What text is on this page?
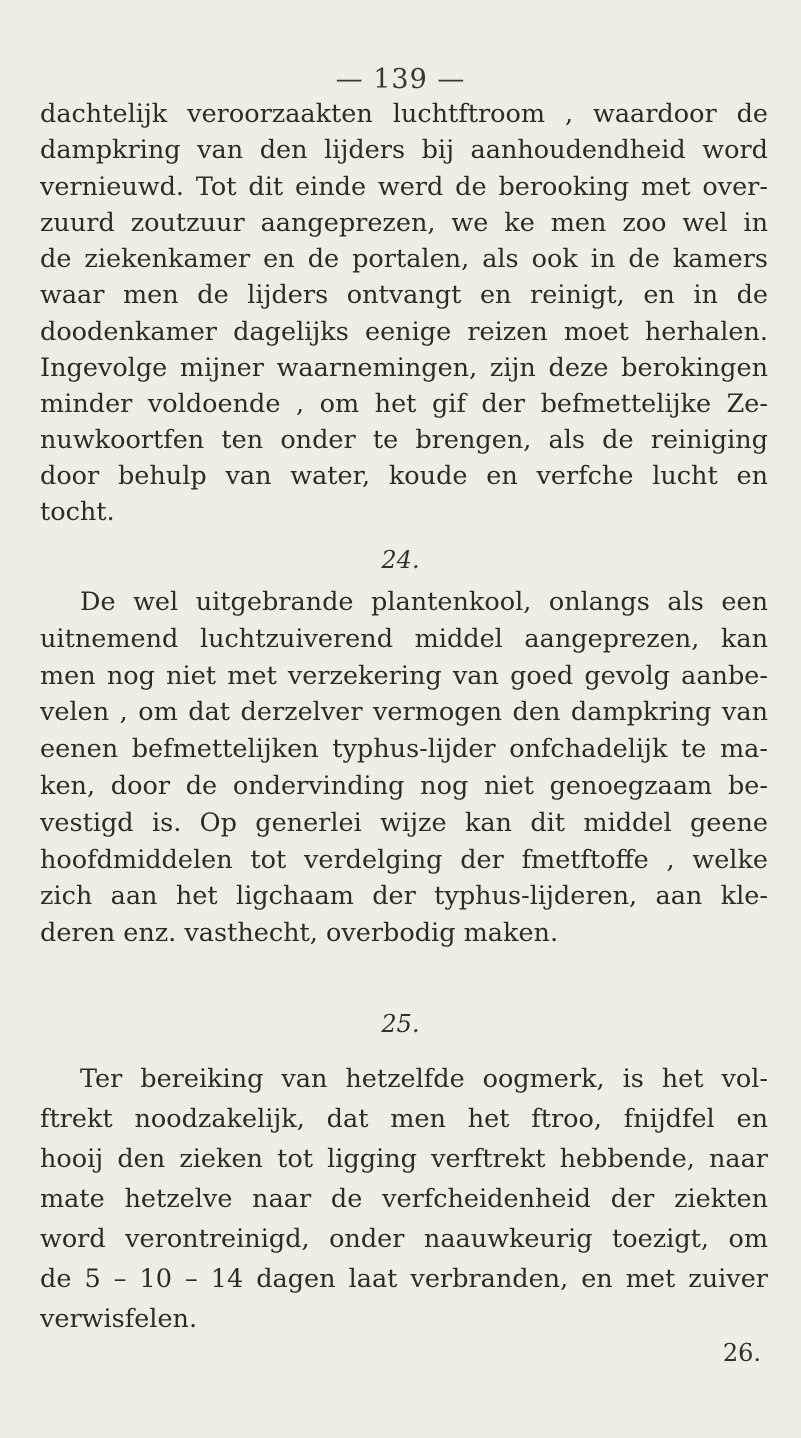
— 139 —
dachtelijk veroorzaakten luchtftroom , waardoor de
dampkring van den lijders bij aanhoudendheid word
vernieuwd. Tot dit einde werd de berooking met over-
zuurd zoutzuur aangeprezen, we ke men zoo wel in
de ziekenkamer en de portalen, als ook in de kamers
waar men de lijders ontvangt en reinigt, en in de
doodenkamer dagelijks eenige reizen moet herhalen.
Ingevolge mijner waarnemingen, zijn deze berokingen
minder voldoende , om het gif der befmettelijke Ze-
nuwkoortfen ten onder te brengen, als de reiniging
door behulp van water, koude en verfche lucht en
tocht.
24.
De wel uitgebrande plantenkool, onlangs als een
uitnemend luchtzuiverend middel aangeprezen, kan
men nog niet met verzekering van goed gevolg aanbe-
velen , om dat derzelver vermogen den dampkring van
eenen befmettelijken typhus-lijder onfchadelijk te ma-
ken, door de ondervinding nog niet genoegzaam be-
vestigd is. Op generlei wijze kan dit middel geene
hoofdmiddelen tot verdelging der fmetftoffe , welke
zich aan het ligchaam der typhus-lijderen, aan kle-
deren enz. vasthecht, overbodig maken.
25.
Ter bereiking van hetzelfde oogmerk, is het vol-
ftrekt noodzakelijk, dat men het ftroo, fnijdfel en
hooij den zieken tot ligging verftrekt hebbende, naar
mate hetzelve naar de verfcheidenheid der ziekten
word verontreinigd, onder naauwkeurig toezigt, om
de 5 – 10 – 14 dagen laat verbranden, en met zuiver
verwisfelen.
26.
